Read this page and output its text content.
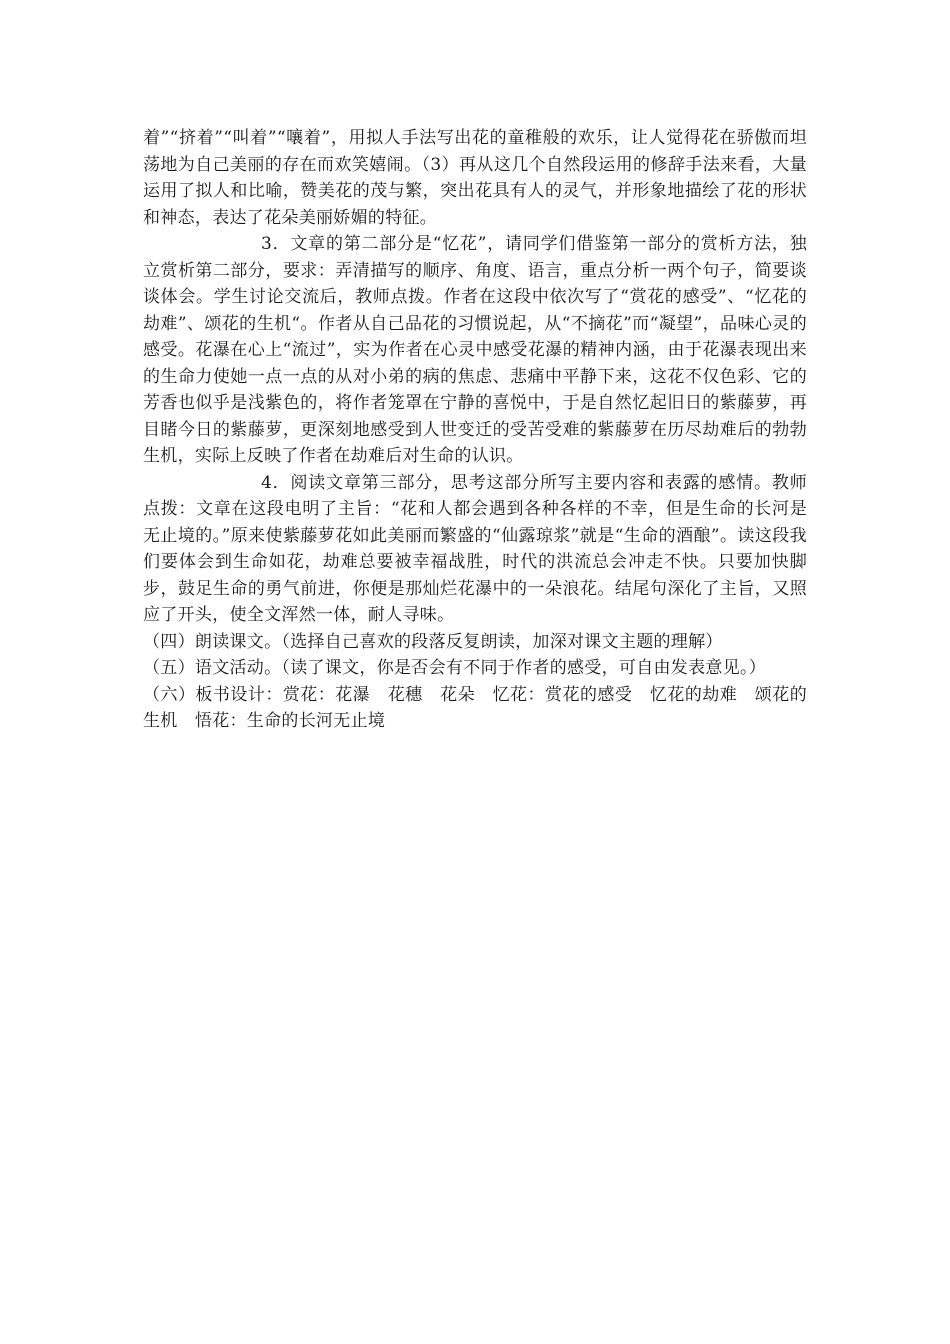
着”“挤着”“叫着”“嚷着”，用拟人手法写出花的童稚般的欢乐，让人觉得花在骄傲而坦荡地为自己美丽的存在而欢笑嬉闹。（3）再从这几个自然段运用的修辞手法来看，大量运用了拟人和比喻，赞美花的茂与繁，突出花具有人的灵气，并形象地描绘了花的形状和神态，表达了花朵美丽娇媚的特征。

3．文章的第二部分是“忆花”，请同学们借鉴第一部分的赏析方法，独立赏析第二部分，要求：弄清描写的顺序、角度、语言，重点分析一两个句子，简要谈谈体会。学生讨论交流后，教师点拨。作者在这段中依次写了“赏花的感受”、“忆花的劫难”、颂花的生机“。作者从自己品花的习惯说起，从“不摘花”而“凝望”，品味心灵的感受。花瀑在心上“流过”，实为作者在心灵中感受花瀑的精神内涵，由于花瀑表现出来的生命力使她一点一点的从对小弟的病的焦虑、悲痛中平静下来，这花不仅色彩、它的芳香也似乎是浅紫色的，将作者笼罩在宁静的喜悦中，于是自然忆起旧日的紫藤萝，再目睹今日的紫藤萝，更深刻地感受到人世变迁的受苦受难的紫藤萝在历尽劫难后的勃勃生机，实际上反映了作者在劫难后对生命的认识。

4．阅读文章第三部分，思考这部分所写主要内容和表露的感情。教师点拨：文章在这段电明了主旨：“花和人都会遇到各种各样的不幸，但是生命的长河是无止境的。”原来使紫藤萝花如此美丽而繁盛的“仙露琼浆”就是“生命的酒酿”。读这段我们要体会到生命如花，劫难总要被幸福战胜，时代的洪流总会冲走不快。只要加快脚步，鼓足生命的勇气前进，你便是那灿烂花瀑中的一朵浪花。结尾句深化了主旨，又照应了开头，使全文浑然一体，耐人寻味。

（四）朗读课文。（选择自己喜欢的段落反复朗读，加深对课文主题的理解）

（五）语文活动。（读了课文，你是否会有不同于作者的感受，可自由发表意见。）

（六）板书设计：赏花：花瀑　花穗　花朵　忆花：赏花的感受　忆花的劫难　颂花的生机　悟花：生命的长河无止境
